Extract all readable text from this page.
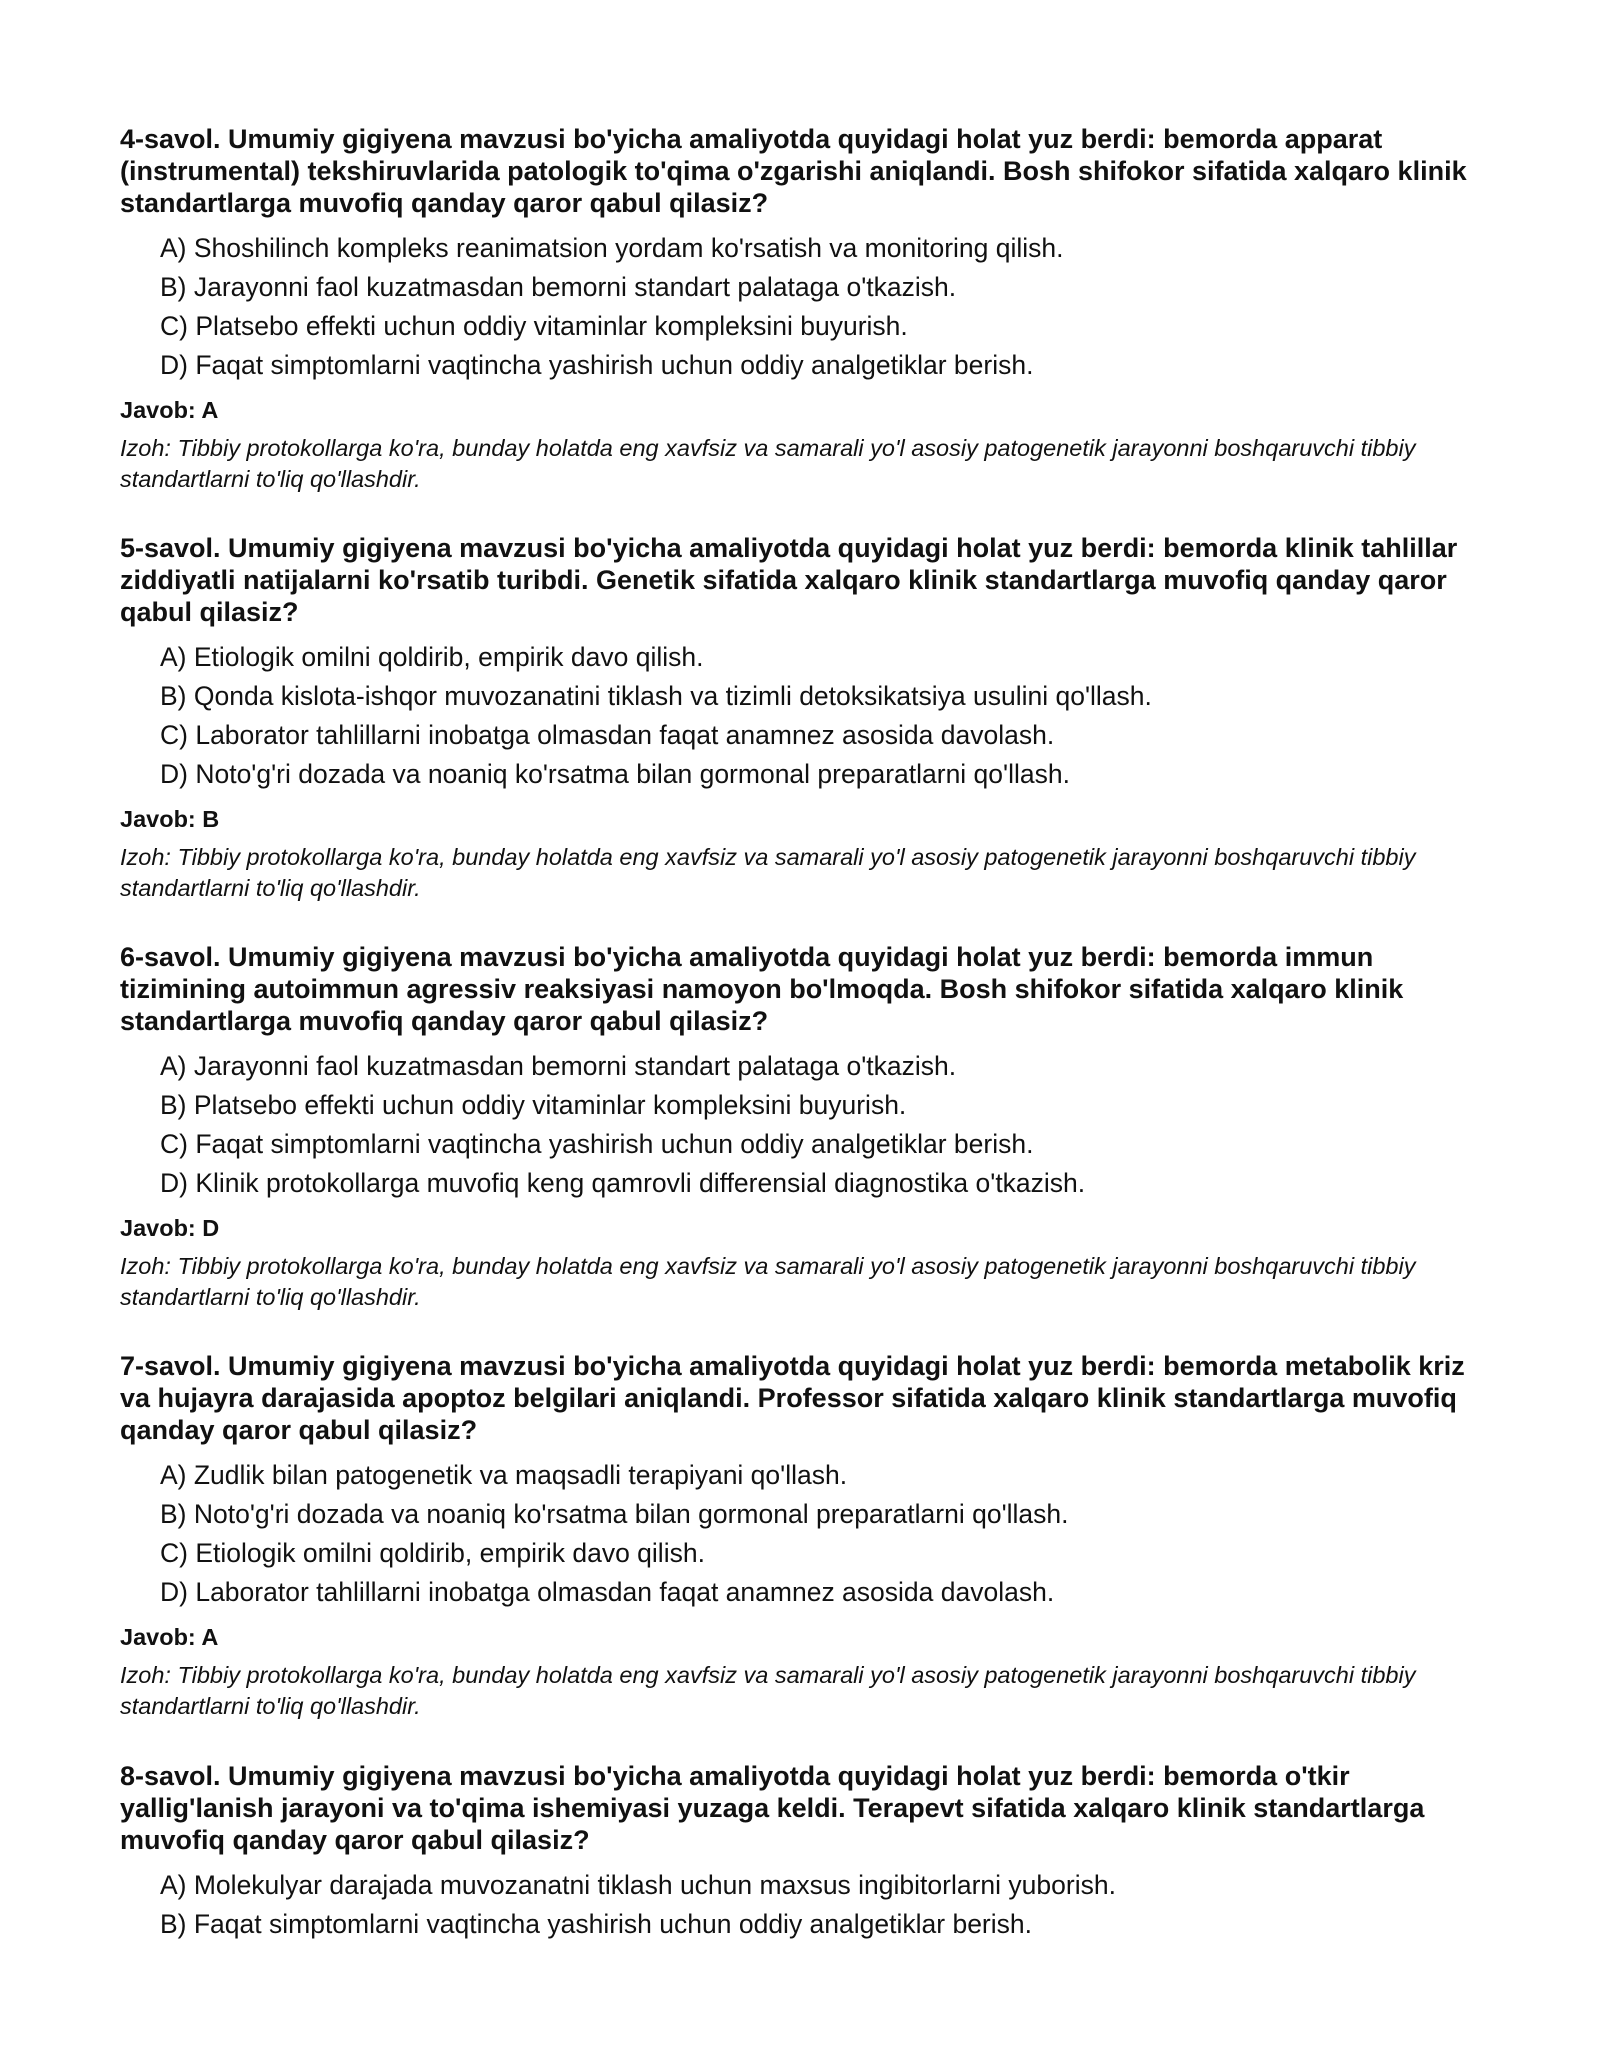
4-savol. Umumiy gigiyena mavzusi bo'yicha amaliyotda quyidagi holat yuz berdi: bemorda apparat (instrumental) tekshiruvlarida patologik to'qima o'zgarishi aniqlandi. Bosh shifokor sifatida xalqaro klinik standartlarga muvofiq qanday qaror qabul qilasiz?

A) Shoshilinch kompleks reanimatsion yordam ko'rsatish va monitoring qilish.
B) Jarayonni faol kuzatmasdan bemorni standart palataga o'tkazish.
C) Platsebo effekti uchun oddiy vitaminlar kompleksini buyurish.
D) Faqat simptomlarni vaqtincha yashirish uchun oddiy analgetiklar berish.
Javob: A
Izoh: Tibbiy protokollarga ko'ra, bunday holatda eng xavfsiz va samarali yo'l asosiy patogenetik jarayonni boshqaruvchi tibbiy standartlarni to'liq qo'llashdir.

5-savol. Umumiy gigiyena mavzusi bo'yicha amaliyotda quyidagi holat yuz berdi: bemorda klinik tahlillar ziddiyatli natijalarni ko'rsatib turibdi. Genetik sifatida xalqaro klinik standartlarga muvofiq qanday qaror qabul qilasiz?

A) Etiologik omilni qoldirib, empirik davo qilish.
B) Qonda kislota-ishqor muvozanatini tiklash va tizimli detoksikatsiya usulini qo'llash.
C) Laborator tahlillarni inobatga olmasdan faqat anamnez asosida davolash.
D) Noto'g'ri dozada va noaniq ko'rsatma bilan gormonal preparatlarni qo'llash.
Javob: B
Izoh: Tibbiy protokollarga ko'ra, bunday holatda eng xavfsiz va samarali yo'l asosiy patogenetik jarayonni boshqaruvchi tibbiy standartlarni to'liq qo'llashdir.

6-savol. Umumiy gigiyena mavzusi bo'yicha amaliyotda quyidagi holat yuz berdi: bemorda immun tizimining autoimmun agressiv reaksiyasi namoyon bo'lmoqda. Bosh shifokor sifatida xalqaro klinik standartlarga muvofiq qanday qaror qabul qilasiz?

A) Jarayonni faol kuzatmasdan bemorni standart palataga o'tkazish.
B) Platsebo effekti uchun oddiy vitaminlar kompleksini buyurish.
C) Faqat simptomlarni vaqtincha yashirish uchun oddiy analgetiklar berish.
D) Klinik protokollarga muvofiq keng qamrovli differensial diagnostika o'tkazish.
Javob: D
Izoh: Tibbiy protokollarga ko'ra, bunday holatda eng xavfsiz va samarali yo'l asosiy patogenetik jarayonni boshqaruvchi tibbiy standartlarni to'liq qo'llashdir.

7-savol. Umumiy gigiyena mavzusi bo'yicha amaliyotda quyidagi holat yuz berdi: bemorda metabolik kriz va hujayra darajasida apoptoz belgilari aniqlandi. Professor sifatida xalqaro klinik standartlarga muvofiq qanday qaror qabul qilasiz?

A) Zudlik bilan patogenetik va maqsadli terapiyani qo'llash.
B) Noto'g'ri dozada va noaniq ko'rsatma bilan gormonal preparatlarni qo'llash.
C) Etiologik omilni qoldirib, empirik davo qilish.
D) Laborator tahlillarni inobatga olmasdan faqat anamnez asosida davolash.
Javob: A
Izoh: Tibbiy protokollarga ko'ra, bunday holatda eng xavfsiz va samarali yo'l asosiy patogenetik jarayonni boshqaruvchi tibbiy standartlarni to'liq qo'llashdir.

8-savol. Umumiy gigiyena mavzusi bo'yicha amaliyotda quyidagi holat yuz berdi: bemorda o'tkir yallig'lanish jarayoni va to'qima ishemiyasi yuzaga keldi. Terapevt sifatida xalqaro klinik standartlarga muvofiq qanday qaror qabul qilasiz?

A) Molekulyar darajada muvozanatni tiklash uchun maxsus ingibitorlarni yuborish.
B) Faqat simptomlarni vaqtincha yashirish uchun oddiy analgetiklar berish.
